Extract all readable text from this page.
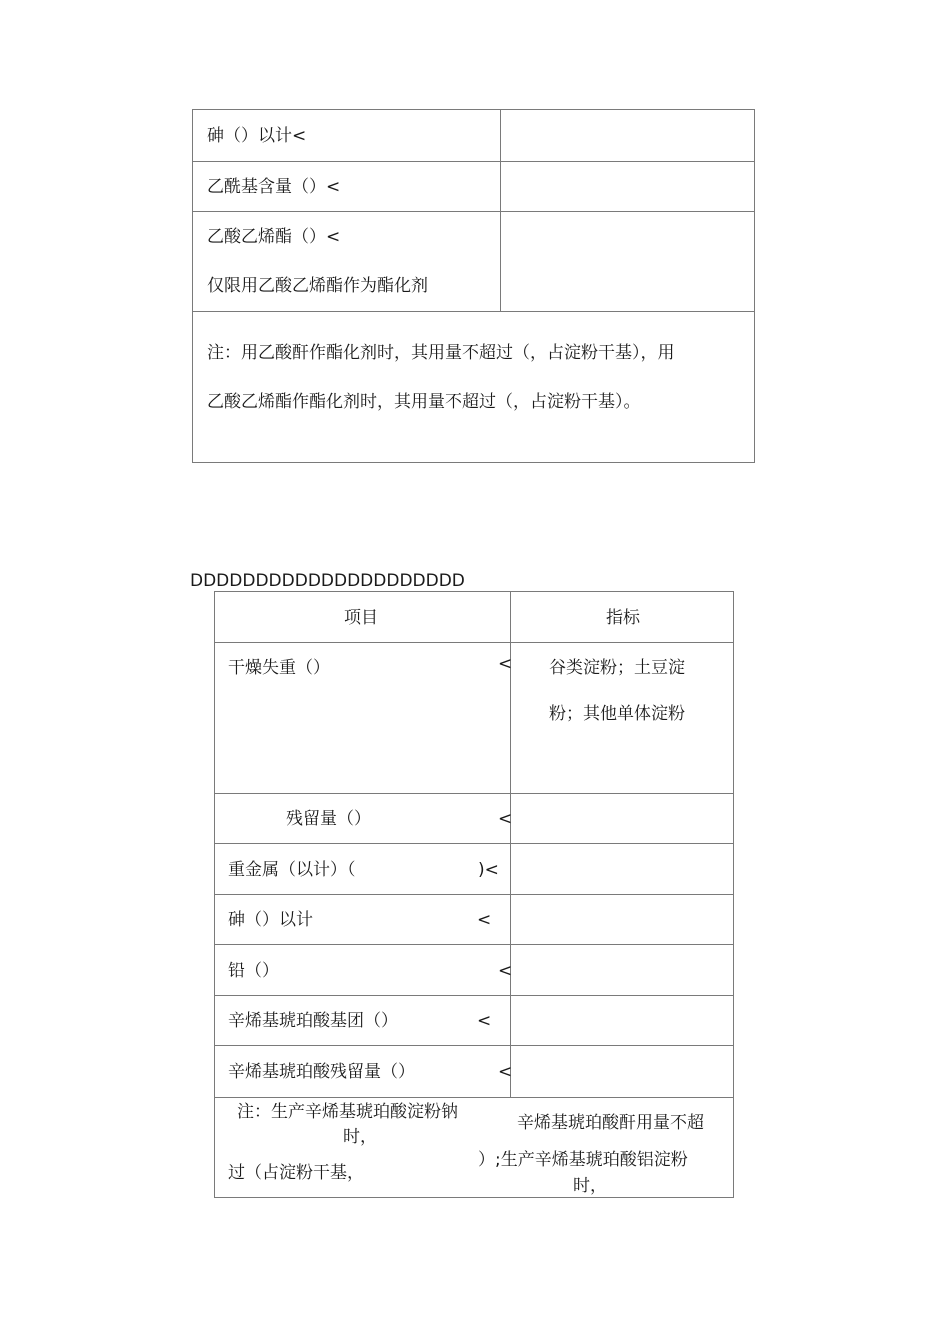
砷（）以计<
乙酰基含量（）<
乙酸乙烯酯（）<
仅限用乙酸乙烯酯作为酯化剂
注：用乙酸酐作酯化剂时，其用量不超过（，占淀粉干基），用
乙酸乙烯酯作酯化剂时，其用量不超过（，占淀粉干基）。
DDDDDDDDDDDDDDDDDDDDD
项目	指标
干燥失重（）	< 谷类淀粉；土豆淀
粉；其他单体淀粉
残留量（）	<
重金属（以计）（	)<
砷（）以计	<
铅（）	<
辛烯基琥珀酸基团（）	<
辛烯基琥珀酸残留量（）	<
注：生产辛烯基琥珀酸淀粉钠
时，
辛烯基琥珀酸酐用量不超
过（占淀粉干基，
）;生产辛烯基琥珀酸铝淀粉
时，
